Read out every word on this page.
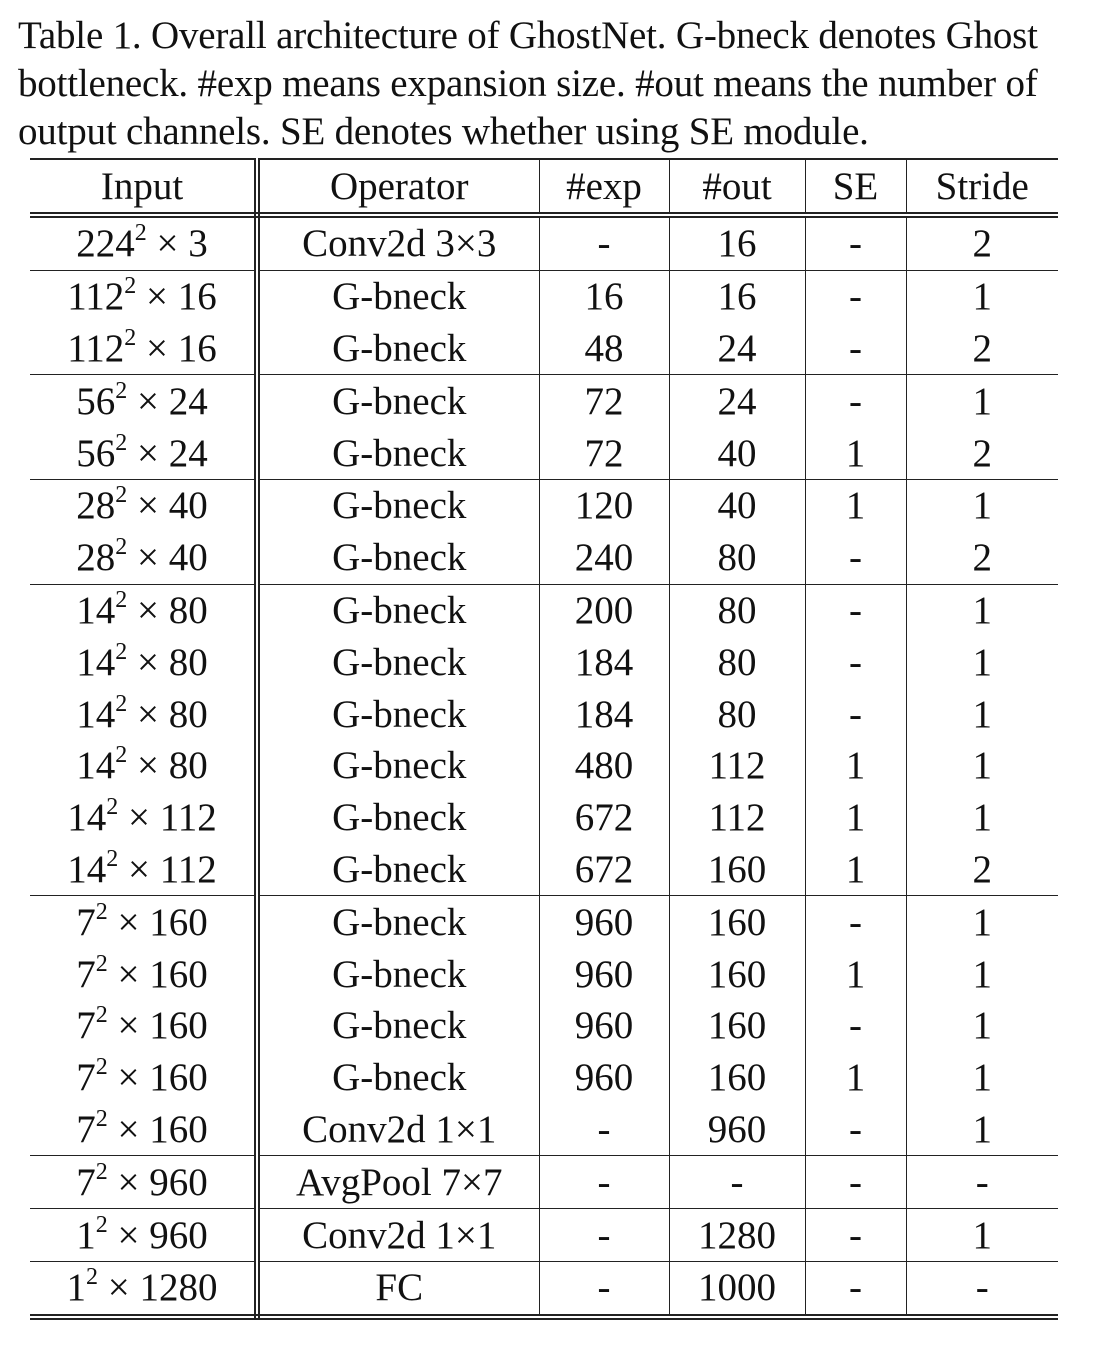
Table 1. Overall architecture of GhostNet. G-bneck denotes Ghost
bottleneck. #exp means expansion size. #out means the number of
output channels. SE denotes whether using SE module.
Input	Operator	#exp	#out	SE	Stride
$224^2 \times 3$	Conv2d 3×3	-	16	-	2
$112^2 \times 16$	G-bneck	16	16	-	1
$112^2 \times 16$	G-bneck	48	24	-	2
$56^2 \times 24$	G-bneck	72	24	-	1
$56^2 \times 24$	G-bneck	72	40	1	2
$28^2 \times 40$	G-bneck	120	40	1	1
$28^2 \times 40$	G-bneck	240	80	-	2
$14^2 \times 80$	G-bneck	200	80	-	1
$14^2 \times 80$	G-bneck	184	80	-	1
$14^2 \times 80$	G-bneck	184	80	-	1
$14^2 \times 80$	G-bneck	480	112	1	1
$14^2 \times 112$	G-bneck	672	112	1	1
$14^2 \times 112$	G-bneck	672	160	1	2
$7^2 \times 160$	G-bneck	960	160	-	1
$7^2 \times 160$	G-bneck	960	160	1	1
$7^2 \times 160$	G-bneck	960	160	-	1
$7^2 \times 160$	G-bneck	960	160	1	1
$7^2 \times 160$	Conv2d 1×1	-	960	-	1
$7^2 \times 960$	AvgPool 7×7	-	-	-	-
$1^2 \times 960$	Conv2d 1×1	-	1280	-	1
$1^2 \times 1280$	FC	-	1000	-	-
